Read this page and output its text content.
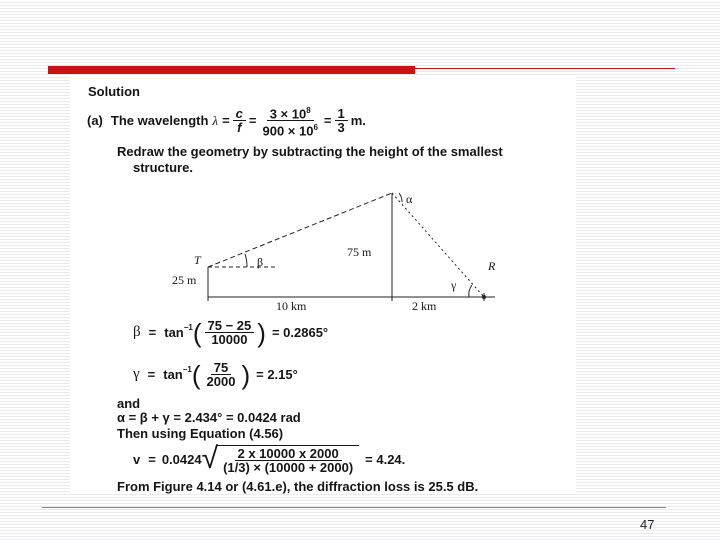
Solution
(a) The wavelength $\lambda = \frac{c}{f} = \frac{3 \times 10^8}{900 \times 10^6} = \frac{1}{3} m$.
Redraw the geometry by subtracting the height of the smallest
structure.
T	R
α
β
γ
25 m
75 m
10 km	2 km
$\beta = \tan^{-1}$ ( $\frac{75 - 25}{10000}$ ) = 0.2865°
$\gamma = \tan^{-1}$ ( $\frac{75}{2000}$ ) = 2.15°
and
α = β + γ = 2.434° = 0.0424 rad
Then using Equation (4.56)
v = 0.0424 √ $\frac{2 x 10000 x 2000}{(1/3) \times (10000 + 2000)} = 4.24$.
From Figure 4.14 or (4.61.e), the diffraction loss is 25.5 dB.
47
